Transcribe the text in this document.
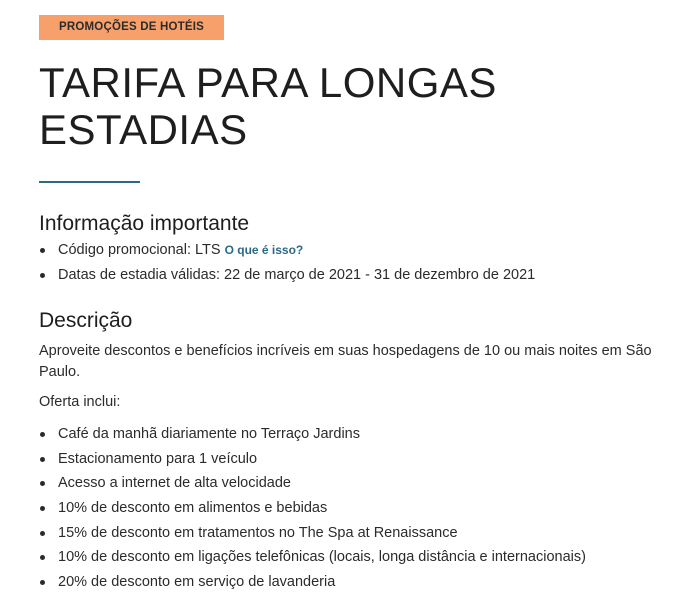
PROMOÇÕES DE HOTÉIS
TARIFA PARA LONGAS ESTADIAS
Informação importante
Código promocional: LTS O que é isso?
Datas de estadia válidas: 22 de março de 2021 - 31 de dezembro de 2021
Descrição

Aproveite descontos e benefícios incríveis em suas hospedagens de 10 ou mais noites em São Paulo.

Oferta inclui:

Café da manhã diariamente no Terraço Jardins
Estacionamento para 1 veículo
Acesso a internet de alta velocidade
10% de desconto em alimentos e bebidas
15% de desconto em tratamentos no The Spa at Renaissance
10% de desconto em ligações telefônicas (locais, longa distância e internacionais)
20% de desconto em serviço de lavanderia
